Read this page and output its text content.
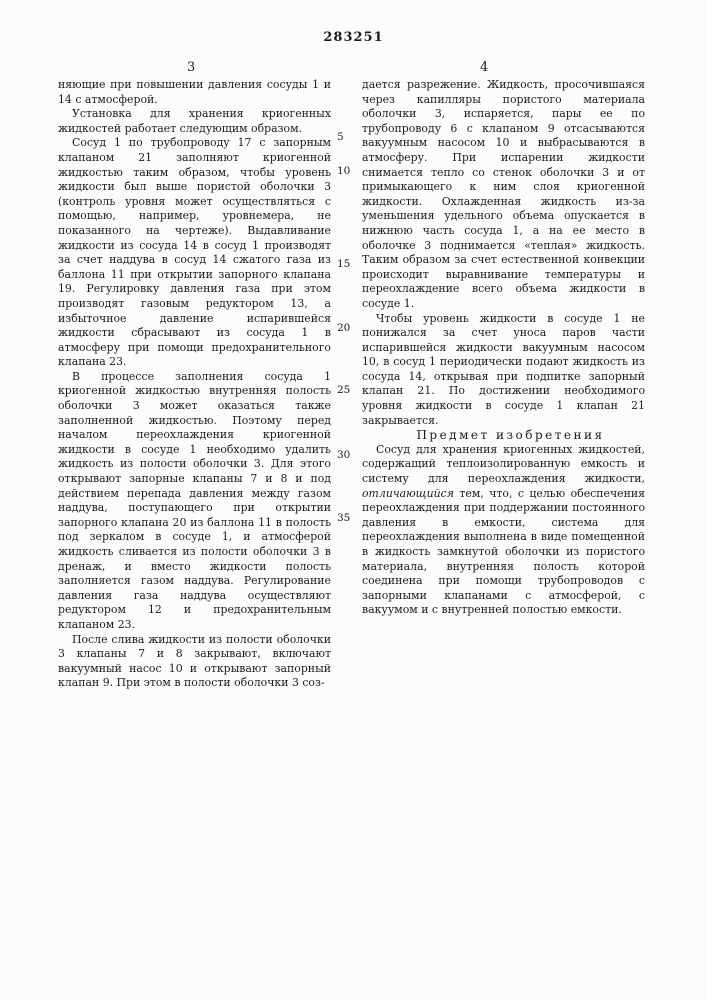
283251
3	4

няющие при повышении давления сосуды 1 и 14 с атмосферой.

Установка для хранения криогенных жидкостей работает следующим образом.

Сосуд 1 по трубопроводу 17 с запорным клапаном 21 заполняют криогенной жидкостью таким образом, чтобы уровень жидкости был выше пористой оболочки 3 (контроль уровня может осуществляться с помощью, например, уровнемера, не показанного на чертеже). Выдавливание жидкости из сосуда 14 в сосуд 1 производят за счет наддува в сосуд 14 сжатого газа из баллона 11 при открытии запорного клапана 19. Регулировку давления газа при этом производят газовым редуктором 13, а избыточное давление испарившейся жидкости сбрасывают из сосуда 1 в атмосферу при помощи предохранительного клапана 23.

В процессе заполнения сосуда 1 криогенной жидкостью внутренняя полость оболочки 3 может оказаться также заполненной жидкостью. Поэтому перед началом переохлаждения криогенной жидкости в сосуде 1 необходимо удалить жидкость из полости оболочки 3. Для этого открывают запорные клапаны 7 и 8 и под действием перепада давления между газом наддува, поступающего при открытии запорного клапана 20 из баллона 11 в полость под зеркалом в сосуде 1, и атмосферой жидкость сливается из полости оболочки 3 в дренаж, и вместо жидкости полость заполняется газом наддува. Регулирование давления газа наддува осуществляют редуктором 12 и предохранительным клапаном 23.

После слива жидкости из полости оболочки 3 клапаны 7 и 8 закрывают, включают вакуумный насос 10 и открывают запорный клапан 9. При этом в полости оболочки 3 соз-

5
10
15
20
25
30
35

дается разрежение. Жидкость, просочившаяся через капилляры пористого материала оболочки 3, испаряется, пары ее по трубопроводу 6 с клапаном 9 отсасываются вакуумным насосом 10 и выбрасываются в атмосферу. При испарении жидкости снимается тепло со стенок оболочки 3 и от примыкающего к ним слоя криогенной жидкости. Охлажденная жидкость из-за уменьшения удельного объема опускается в нижнюю часть сосуда 1, а на ее место в оболочке 3 поднимается «теплая» жидкость. Таким образом за счет естественной конвекции происходит выравнивание температуры и переохлаждение всего объема жидкости в сосуде 1.

Чтобы уровень жидкости в сосуде 1 не понижался за счет уноса паров части испарившейся жидкости вакуумным насосом 10, в сосуд 1 периодически подают жидкость из сосуда 14, открывая при подпитке запорный клапан 21. По достижении необходимого уровня жидкости в сосуде 1 клапан 21 закрывается.

Предмет изобретения

Сосуд для хранения криогенных жидкостей, содержащий теплоизолированную емкость и систему для переохлаждения жидкости, отличающийся тем, что, с целью обеспечения переохлаждения при поддержании постоянного давления в емкости, система для переохлаждения выполнена в виде помещенной в жидкость замкнутой оболочки из пористого материала, внутренняя полость которой соединена при помощи трубопроводов с запорными клапанами с атмосферой, с вакуумом и с внутренней полостью емкости.
